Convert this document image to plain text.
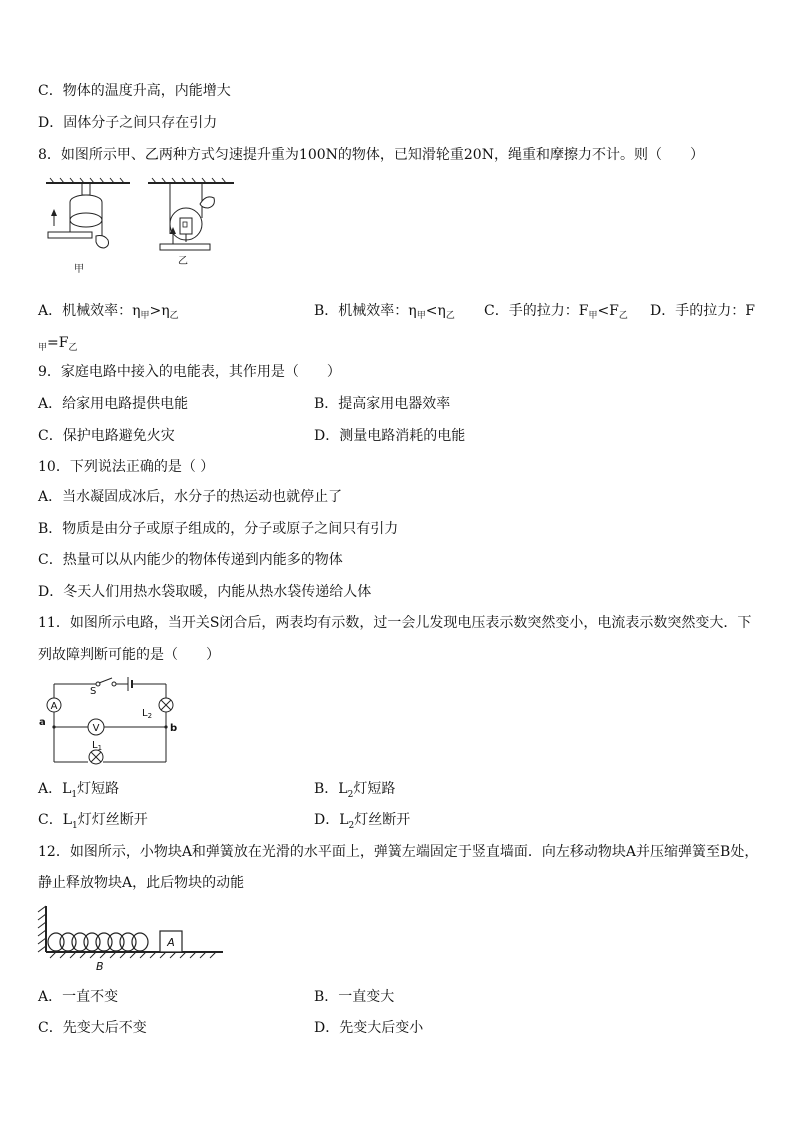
C．物体的温度升高，内能增大
D．固体分子之间只存在引力
8．如图所示甲、乙两种方式匀速提升重为100N的物体，已知滑轮重20N，绳重和摩擦力不计。则（　　）
甲
乙
A．机械效率：$\eta_甲>\eta_乙$	B．机械效率：$\eta_甲<\eta_乙$ C．手的拉力：$F_甲<F_乙$ D．手的拉力：F
$_甲=F_乙$
9．家庭电路中接入的电能表，其作用是（　　）
A．给家用电路提供电能	B．提高家用电器效率
C．保护电路避免火灾	D．测量电路消耗的电能
10．下列说法正确的是（ ）
A．当水凝固成冰后，水分子的热运动也就停止了
B．物质是由分子或原子组成的，分子或原子之间只有引力
C．热量可以从内能少的物体传递到内能多的物体
D．冬天人们用热水袋取暖，内能从热水袋传递给人体
11．如图所示电路，当开关S闭合后，两表均有示数，过一会儿发现电压表示数突然变小，电流表示数突然变大．下
列故障判断可能的是（　　）
A
V
S
a
b
$L_2$
$L_1$
A．$L_1$灯短路	B．$L_2$灯短路
C．$L_1$灯灯丝断开	D．$L_2$灯丝断开
12．如图所示，小物块A和弹簧放在光滑的水平面上，弹簧左端固定于竖直墙面．向左移动物块A并压缩弹簧至B处，
静止释放物块A，此后物块的动能
A
B
A．一直不变	B．一直变大
C．先变大后不变	D．先变大后变小
